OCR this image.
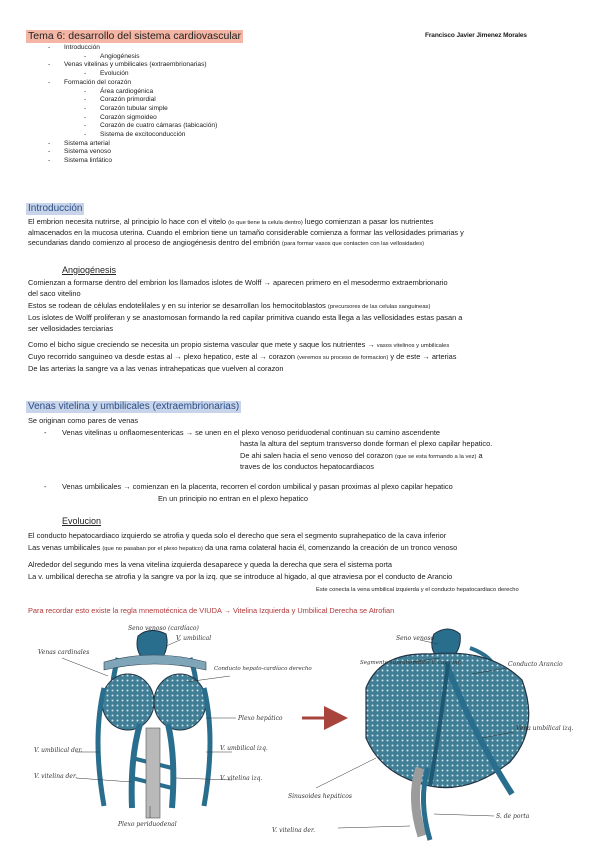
Tema 6: desarrollo del sistema cardiovascular	Francisco Javier Jimenez Morales
- Introducción
- Angiogénesis
- Venas vitelinas y umbilicales (extraembrionarias)
- Evolución
- Formación del corazón
- Área cardiogénica
- Corazón primordial
- Corazón tubular simple
- Corazón sigmoideo
- Corazón de cuatro cámaras (tabicación)
- Sistema de excitoconducción
- Sistema arterial
- Sistema venoso
- Sistema linfático
Introducción
El embrion necesita nutrirse, al principio lo hace con el vitelo (lo que tiene la celula dentro) luego comienzan a pasar los nutrientes
almacenados en la mucosa uterina. Cuando el embrion tiene un tamaño considerable comienza a formar las vellosidades primarias y
secundarias dando comienzo al proceso de angiogénesis dentro del embrión (para formar vasos que contacten con las vellosidades)
Angiogénesis
Comienzan a formarse dentro del embrion los llamados islotes de Wolff → aparecen primero en el mesodermo extraembrionario
del saco vitelino
Estos se rodean de células endotelilales y en su interior se desarrollan los hemocitoblastos (precursores de las celulas sanguineas)
Los islotes de Wolff proliferan y se anastomosan formando la red capilar primitiva cuando esta llega a las vellosidades estas pasan a
ser vellosidades terciarias
Como el bicho sigue creciendo se necesita un propio sistema vascular que mete y saque los nutrientes → vasos vitelinos y umbilicales
Cuyo recorrido sanguineo va desde estas al → plexo hepatico, este al → corazon (veremos su proceso de formacion) y de este → arterias
De las arterias la sangre va a las venas intrahepaticas que vuelven al corazon
Venas vitelina y umbilicales (extraembrionarias)
Se originan como pares de venas
- Venas vitelinas u onflaomesentericas → se unen en el plexo venoso periduodenal continuan su camino ascendente
hasta la altura del septum transverso donde forman el plexo capilar hepatico.
De ahi salen hacia el seno venoso del corazon (que se esta formando a la vez) a
traves de los conductos hepatocardiacos
- Venas umbilicales → comienzan en la placenta, recorren el cordon umbilical y pasan proximas al plexo capilar hepatico
En un principio no entran en el plexo hepatico
Evolucion
El conducto hepatocardiaco izquierdo se atrofia y queda solo el derecho que sera el segmento suprahepatico de la cava inferior
Las venas umbilicales (que no pasaban por el plexo hepatico) da una rama colateral hacia él, comenzando la creación de un tronco venoso
Alrededor del segundo mes la vena vitelina izquierda desaparece y queda la derecha que sera el sistema porta
La v. umbilical derecha se atrofia y la sangre va por la izq. que se introduce al higado, al que atraviesa por el conducto de Arancio
Este conecta la vena umbilical izquierda y el conducto hepatocardiaco derecho
Para recordar esto existe la regla mnemotécnica de VIUDA → Vitelina Izquierda y Umbilical Derecha se Atrofian
Seno venoso (cardíaco)
V. umbilical
Venas cardinales
Conducto hepato-cardíaco derecho
Plexo hepático
V. umbilical izq.
V. vitelina izq.
V. umbilical der.
V. vitelina der.
Plexo periduodenal
Seno venoso
Segmento suprahepático V. cava inf.	Conducto Arancio
Vena umbilical izq.
Sinusoides hepáticos
S. de porta
V. vitelina der.
